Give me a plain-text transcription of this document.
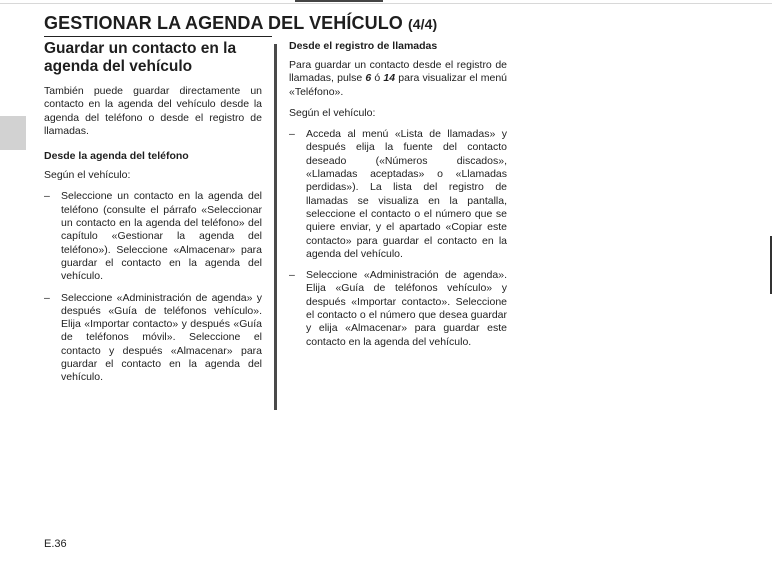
GESTIONAR LA AGENDA DEL VEHÍCULO (4/4)
Guardar un contacto en la agenda del vehículo

También puede guardar directamente un contacto en la agenda del vehículo desde la agenda del teléfono o desde el registro de llamadas.

Desde la agenda del teléfono

Según el vehículo:

– Seleccione un contacto en la agenda del teléfono (consulte el párrafo «Seleccionar un contacto en la agenda del teléfono» del capítulo «Gestionar la agenda del teléfono»). Seleccione «Almacenar» para guardar el contacto en la agenda del vehículo.
– Seleccione «Administración de agenda» y después «Guía de teléfonos vehículo». Elija «Importar contacto» y después «Guía de teléfonos móvil». Seleccione el contacto y después «Almacenar» para guardar el contacto en la agenda del vehículo.
Desde el registro de llamadas

Para guardar un contacto desde el registro de llamadas, pulse 6 ó 14 para visualizar el menú «Teléfono».

Según el vehículo:

– Acceda al menú «Lista de llamadas» y después elija la fuente del contacto deseado («Números discados», «Llamadas aceptadas» o «Llamadas perdidas»). La lista del registro de llamadas se visualiza en la pantalla, seleccione el contacto o el número que se quiere enviar, y el apartado «Copiar este contacto» para guardar el contacto en la agenda del vehículo.
– Seleccione «Administración de agenda». Elija «Guía de teléfonos vehículo» y después «Importar contacto». Seleccione el contacto o el número que desea guardar y elija «Almacenar» para guardar este contacto en la agenda del vehículo.
E.36
